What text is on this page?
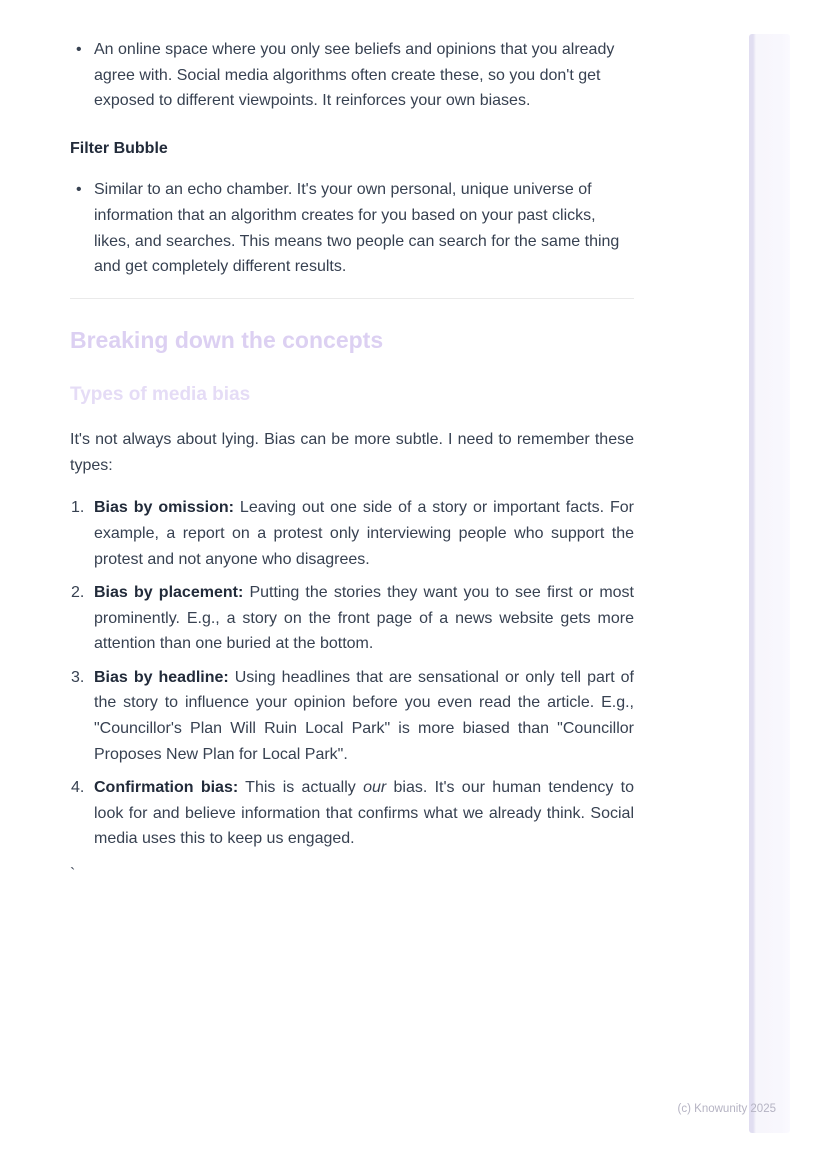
• An online space where you only see beliefs and opinions that you already agree with. Social media algorithms often create these, so you don't get exposed to different viewpoints. It reinforces your own biases.
Filter Bubble
• Similar to an echo chamber. It's your own personal, unique universe of information that an algorithm creates for you based on your past clicks, likes, and searches. This means two people can search for the same thing and get completely different results.
Breaking down the concepts
Types of media bias

It's not always about lying. Bias can be more subtle. I need to remember these types:

Bias by omission: Leaving out one side of a story or important facts. For example, a report on a protest only interviewing people who support the protest and not anyone who disagrees.
Bias by placement: Putting the stories they want you to see first or most prominently. E.g., a story on the front page of a news website gets more attention than one buried at the bottom.
Bias by headline: Using headlines that are sensational or only tell part of the story to influence your opinion before you even read the article. E.g., "Councillor's Plan Will Ruin Local Park" is more biased than "Councillor Proposes New Plan for Local Park".
Confirmation bias: This is actually our bias. It's our human tendency to look for and believe information that confirms what we already think. Social media uses this to keep us engaged.
`
(c) Knowunity 2025
